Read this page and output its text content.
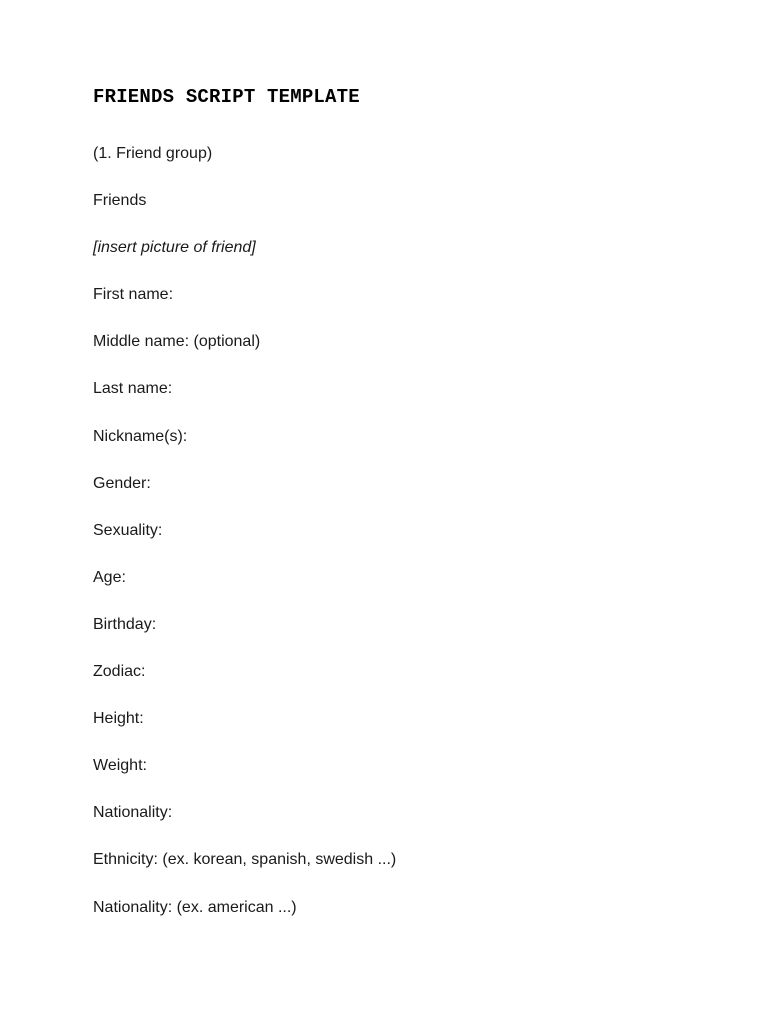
FRIENDS SCRIPT TEMPLATE
(1. Friend group)
Friends
[insert picture of friend]
First name:
Middle name: (optional)
Last name:
Nickname(s):
Gender:
Sexuality:
Age:
Birthday:
Zodiac:
Height:
Weight:
Nationality:
Ethnicity: (ex. korean, spanish, swedish ...)
Nationality: (ex. american ...)
